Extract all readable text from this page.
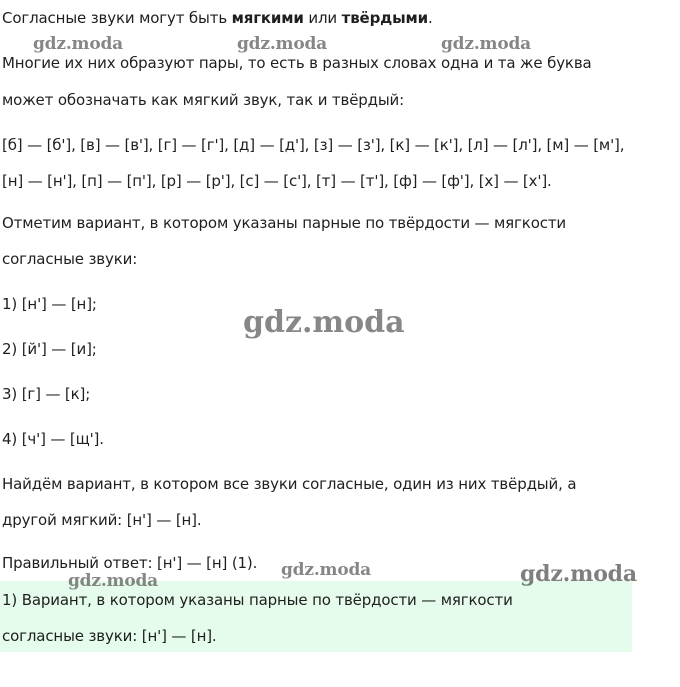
Согласные звуки могут быть мягкими или твёрдыми.
Многие их них образуют пары, то есть в разных словах одна и та же буква
может обозначать как мягкий звук, так и твёрдый:
[б] — [б'], [в] — [в'], [г] — [г'], [д] — [д'], [з] — [з'], [к] — [к'], [л] — [л'], [м] — [м'],
[н] — [н'], [п] — [п'], [р] — [р'], [с] — [с'], [т] — [т'], [ф] — [ф'], [х] — [х'].
Отметим вариант, в котором указаны парные по твёрдости — мягкости
согласные звуки:
1) [н'] — [н];
2) [й'] — [и];
3) [г] — [к];
4) [ч'] — [щ'].
Найдём вариант, в котором все звуки согласные, один из них твёрдый, а
другой мягкий: [н'] — [н].
Правильный ответ: [н'] — [н] (1).
1) Вариант, в котором указаны парные по твёрдости — мягкости
согласные звуки: [н'] — [н].
gdz.moda	gdz.moda	gdz.moda
gdz.moda
gdz.moda	gdz.moda
gdz.moda
